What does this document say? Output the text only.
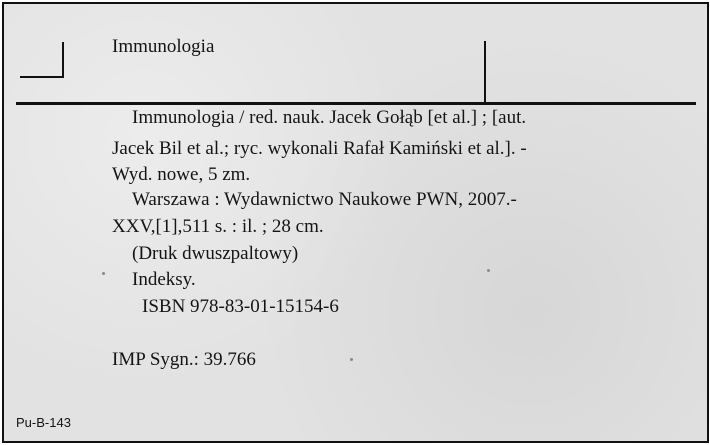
Immunologia

Immunologia / red. nauk. Jacek Gołąb [et al.] ; [aut.

Jacek Bil et al.; ryc. wykonali Rafał Kamiński et al.]. -

Wyd. nowe, 5 zm.

Warszawa : Wydawnictwo Naukowe PWN, 2007.-

XXV,[1],511 s. : il. ; 28 cm.

(Druk dwuszpaltowy)

Indeksy.

ISBN 978-83-01-15154-6

IMP Sygn.: 39.766

Pu-B-143
